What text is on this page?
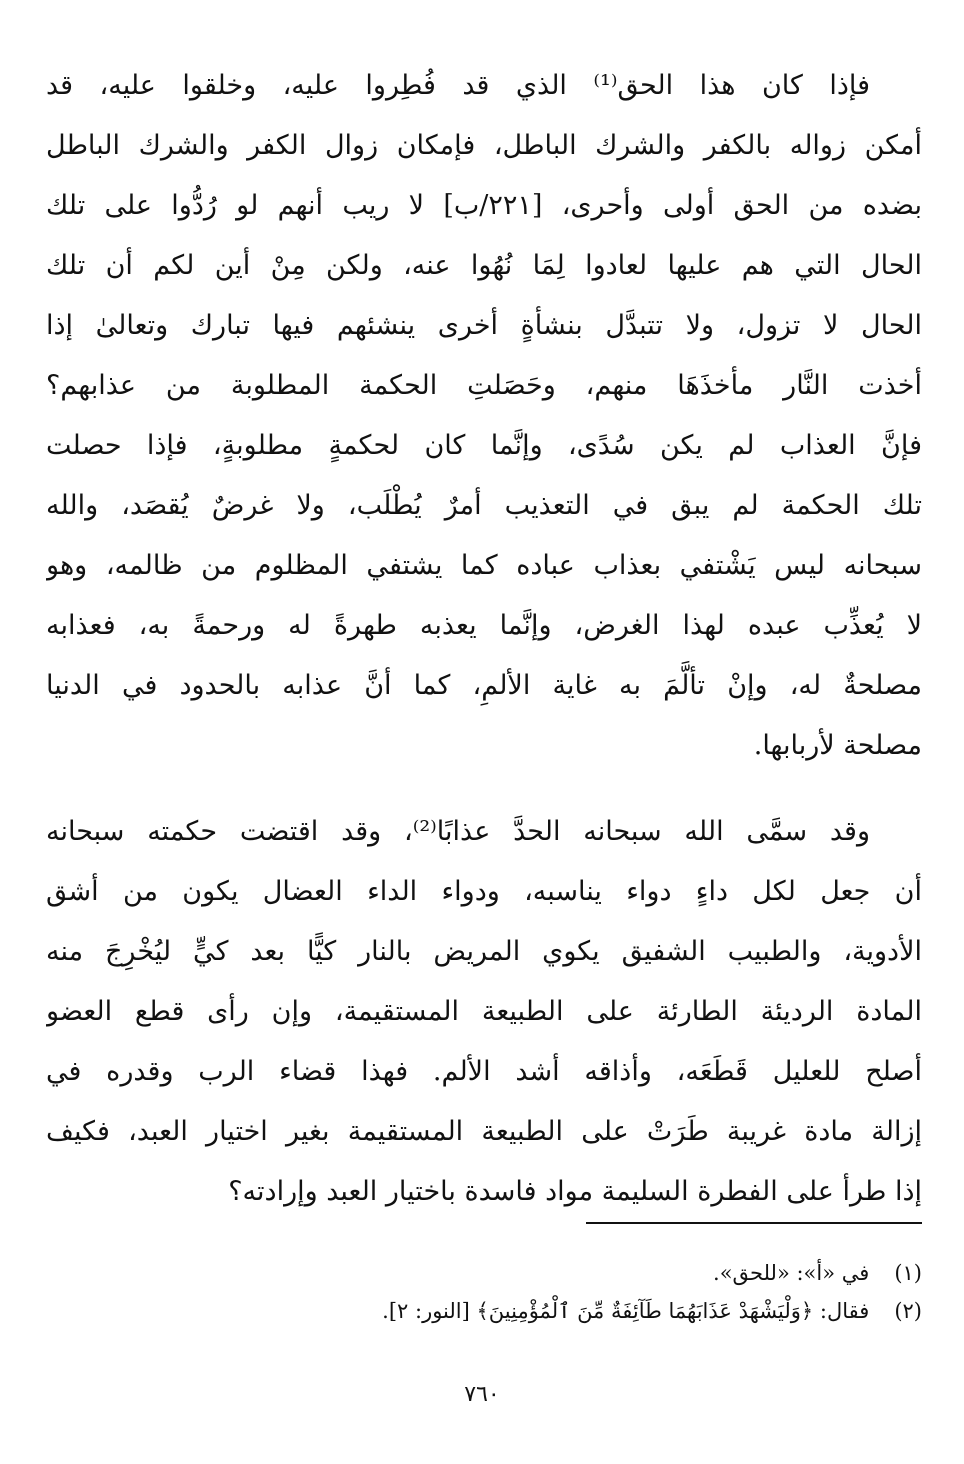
فإذا كان هذا الحق⁽¹⁾ الذي قد فُطِروا عليه، وخلقوا عليه، قد
أمكن زواله بالكفر والشرك الباطل، فإمكان زوال الكفر والشرك الباطل
بضده من الحق أولى وأحرى، [٢٢١/ب] لا ريب أنهم لو رُدُّوا على تلك
الحال التي هم عليها لعادوا لِمَا نُهُوا عنه، ولكن مِنْ أين لكم أن تلك
الحال لا تزول، ولا تتبدَّل بنشأةٍ أخرى ينشئهم فيها تبارك وتعالىٰ إذا
أخذت النَّار مأخذَهَا منهم، وحَصَلتِ الحكمة المطلوبة من عذابهم؟
فإنَّ العذاب لم يكن سُدًى، وإنَّما كان لحكمةٍ مطلوبةٍ، فإذا حصلت
تلك الحكمة لم يبق في التعذيب أمرٌ يُطْلَب، ولا غرضٌ يُقصَد، والله
سبحانه ليس يَشْتفي بعذاب عباده كما يشتفي المظلوم من ظالمه، وهو
لا يُعذِّب عبده لهذا الغرض، وإنَّما يعذبه طهرةً له ورحمةً به، فعذابه
مصلحةٌ له، وإنْ تألَّمَ به غاية الألمِ، كما أنَّ عذابه بالحدود في الدنيا
مصلحة لأربابها.
وقد سمَّى الله سبحانه الحدَّ عذابًا⁽²⁾، وقد اقتضت حكمته سبحانه
أن جعل لكل داءٍ دواء يناسبه، ودواء الداء العضال يكون من أشق
الأدوية، والطبيب الشفيق يكوي المريض بالنار كيًّا بعد كيٍّ ليُخْرِجَ منه
المادة الرديئة الطارئة على الطبيعة المستقيمة، وإن رأى قطع العضو
أصلح للعليل قَطَعَه، وأذاقه أشد الألم. فهذا قضاء الرب وقدره في
إزالة مادة غريبة طَرَتْ على الطبيعة المستقيمة بغير اختيار العبد، فكيف
إذا طرأ على الفطرة السليمة مواد فاسدة باختيار العبد وإرادته؟
(١) في «أ»: «للحق».
(٢) فقال: ﴿وَلْيَشْهَدْ عَذَابَهُمَا طَآئِفَةٌ مِّنَ ٱلْمُؤْمِنِينَ﴾ [النور: ٢].
٧٦٠
